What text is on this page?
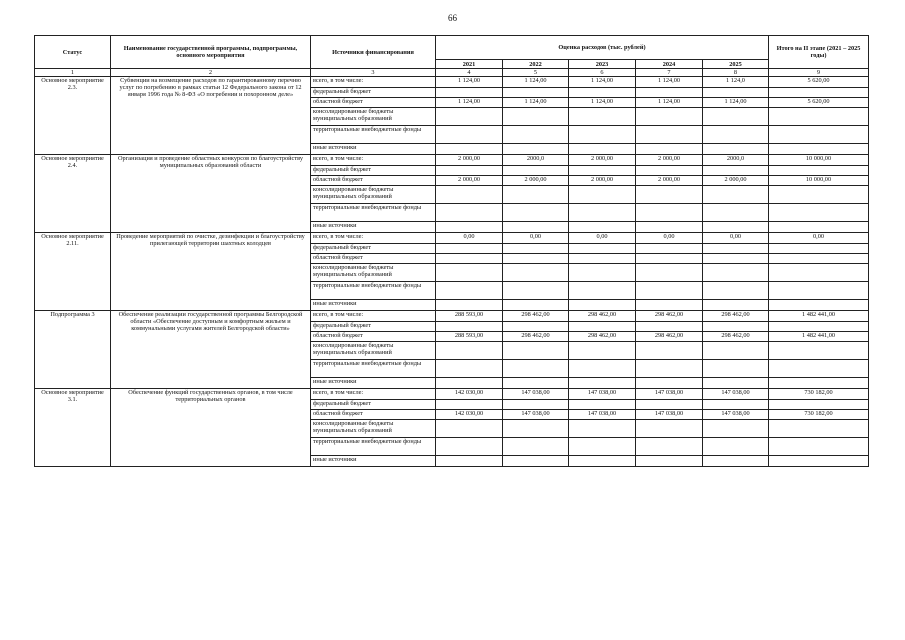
66
Статус	Наименование государственной программы, подпрограммы, основного мероприятия	Источники финансирования	Оценка расходов (тыс. рублей)					Итого на II этапе (2021 – 2025 годы)
			2021	2022	2023	2024	2025	
1	2	3	4	5	6	7	8	9
Основное мероприятие 2.3.	Субвенции на возмещение расходов по гарантированному перечню услуг по погребению в рамках статьи 12 Федерального закона от 12 января 1996 года № 8-ФЗ «О погребении и похоронном деле»	всего, в том числе:	1 124,00	1 124,00	1 124,00	1 124,00	1 124,0	5 620,00
		федеральный бюджет						
		областной бюджет	1 124,00	1 124,00	1 124,00	1 124,00	1 124,00	5 620,00
		консолидированные бюджеты муниципальных образований						
		территориальные внебюджетные фонды						
		иные источники						
Основное мероприятие 2.4.	Организация и проведение областных конкурсов по благоустройству муниципальных образований области	всего, в том числе:	2 000,00	2000,0	2 000,00	2 000,00	2000,0	10 000,00
		федеральный бюджет						
		областной бюджет	2 000,00	2 000,00	2 000,00	2 000,00	2 000,00	10 000,00
		консолидированные бюджеты муниципальных образований						
		территориальные внебюджетные фонды						
		иные источники						
Основное мероприятие 2.11.	Проведение мероприятий по очистке, дезинфекции и благоустройству прилегающей территории шахтных колодцев	всего, в том числе:	0,00	0,00	0,00	0,00	0,00	0,00
		федеральный бюджет						
		областной бюджет						
		консолидированные бюджеты муниципальных образований						
		территориальные внебюджетные фонды						
		иные источники						
Подпрограмма 3	Обеспечение реализации государственной программы Белгородской области «Обеспечение доступным и комфортным жильем и коммунальными услугами жителей Белгородской области»	всего, в том числе:	288 593,00	298 462,00	298 462,00	298 462,00	298 462,00	1 482 441,00
		федеральный бюджет						
		областной бюджет	288 593,00	298 462,00	298 462,00	298 462,00	298 462,00	1 482 441,00
		консолидированные бюджеты муниципальных образований						
		территориальные внебюджетные фонды						
		иные источники						
Основное мероприятие 3.1.	Обеспечение функций государственных органов, в том числе территориальных органов	всего, в том числе:	142 030,00	147 038,00	147 038,00	147 038,00	147 038,00	730 182,00
		федеральный бюджет						
		областной бюджет	142 030,00	147 038,00	147 038,00	147 038,00	147 038,00	730 182,00
		консолидированные бюджеты муниципальных образований						
		территориальные внебюджетные фонды						
		иные источники						
